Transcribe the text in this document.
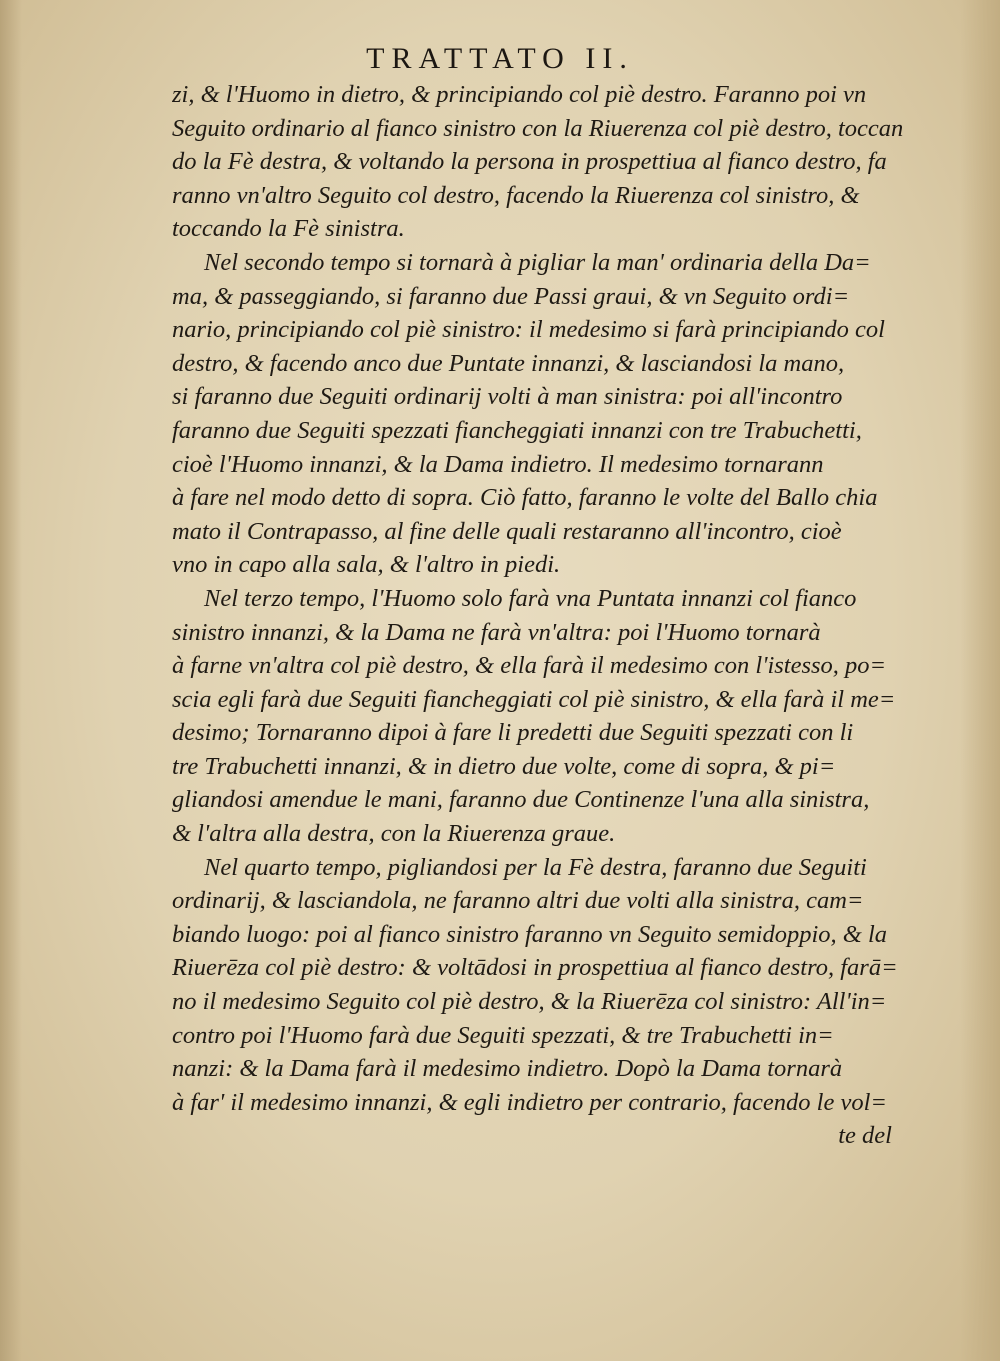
TRATTATO II.
zi, & l'Huomo in dietro, & principiando col piè destro. Faranno poi vn
Seguito ordinario al fianco sinistro con la Riuerenza col piè destro, toccan
do la Fè destra, & voltando la persona in prospettiua al fianco destro, fa
ranno vn'altro Seguito col destro, facendo la Riuerenza col sinistro, &
toccando la Fè sinistra.
Nel secondo tempo si tornarà à pigliar la man' ordinaria della Da=
ma, & passeggiando, si faranno due Passi graui, & vn Seguito ordi=
nario, principiando col piè sinistro: il medesimo si farà principiando col
destro, & facendo anco due Puntate innanzi, & lasciandosi la mano,
si faranno due Seguiti ordinarij volti à man sinistra: poi all'incontro
faranno due Seguiti spezzati fiancheggiati innanzi con tre Trabuchetti,
cioè l'Huomo innanzi, & la Dama indietro. Il medesimo tornarann
à fare nel modo detto di sopra. Ciò fatto, faranno le volte del Ballo chia
mato il Contrapasso, al fine delle quali restaranno all'incontro, cioè
vno in capo alla sala, & l'altro in piedi.
Nel terzo tempo, l'Huomo solo farà vna Puntata innanzi col fianco
sinistro innanzi, & la Dama ne farà vn'altra: poi l'Huomo tornarà
à farne vn'altra col piè destro, & ella farà il medesimo con l'istesso, po=
scia egli farà due Seguiti fiancheggiati col piè sinistro, & ella farà il me=
desimo; Tornaranno dipoi à fare li predetti due Seguiti spezzati con li
tre Trabuchetti innanzi, & in dietro due volte, come di sopra, & pi=
gliandosi amendue le mani, faranno due Continenze l'una alla sinistra,
& l'altra alla destra, con la Riuerenza graue.
Nel quarto tempo, pigliandosi per la Fè destra, faranno due Seguiti
ordinarij, & lasciandola, ne faranno altri due volti alla sinistra, cam=
biando luogo: poi al fianco sinistro faranno vn Seguito semidoppio, & la
Riuerēza col piè destro: & voltādosi in prospettiua al fianco destro, farā=
no il medesimo Seguito col piè destro, & la Riuerēza col sinistro: All'in=
contro poi l'Huomo farà due Seguiti spezzati, & tre Trabuchetti in=
nanzi: & la Dama farà il medesimo indietro. Dopò la Dama tornarà
à far' il medesimo innanzi, & egli indietro per contrario, facendo le vol=
te del
